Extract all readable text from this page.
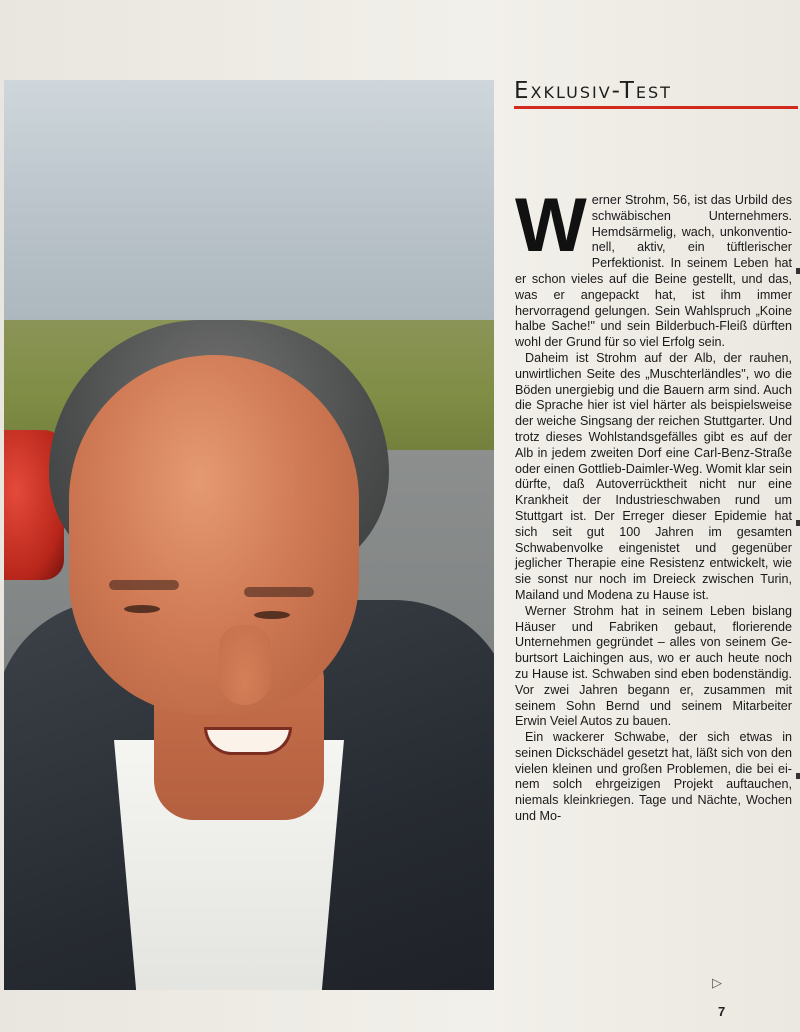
Exklusiv-Test

Werner Strohm, 56, ist das Urbild des schwäbischen Unternehmers. Hemdsärmelig, wach, unkonventionell, aktiv, ein tüftlerischer Perfektionist. In seinem Leben hat er schon vieles auf die Beine gestellt, und das, was er angepackt hat, ist ihm immer hervorragend gelungen. Sein Wahlspruch „Koine halbe Sache!" und sein Bilderbuch-Fleiß dürften wohl der Grund für so viel Erfolg sein.

Daheim ist Strohm auf der Alb, der rauhen, unwirtlichen Seite des „Muschterländles", wo die Böden unergiebig und die Bauern arm sind. Auch die Sprache hier ist viel härter als beispielsweise der weiche Singsang der reichen Stuttgarter. Und trotz dieses Wohlstandsgefälles gibt es auf der Alb in jedem zweiten Dorf eine Carl-Benz-Straße oder einen Gottlieb-Daimler-Weg. Womit klar sein dürfte, daß Autoverrücktheit nicht nur eine Krankheit der Industrieschwaben rund um Stuttgart ist. Der Erreger dieser Epidemie hat sich seit gut 100 Jahren im gesamten Schwabenvolke eingenistet und gegenüber jeglicher Therapie eine Resistenz entwickelt, wie sie sonst nur noch im Dreieck zwischen Turin, Mailand und Modena zu Hause ist.

Werner Strohm hat in seinem Leben bislang Häuser und Fabriken gebaut, florierende Unternehmen gegründet – alles von seinem Geburtsort Laichingen aus, wo er auch heute noch zu Hause ist. Schwaben sind eben bodenständig. Vor zwei Jahren begann er, zusammen mit seinem Sohn Bernd und seinem Mitarbeiter Erwin Veiel Autos zu bauen.

Ein wackerer Schwabe, der sich etwas in seinen Dickschädel gesetzt hat, läßt sich von den vielen kleinen und großen Problemen, die bei einem solch ehrgeizigen Projekt auftauchen, niemals kleinkriegen. Tage und Nächte, Wochen und Mo-

▷
7
